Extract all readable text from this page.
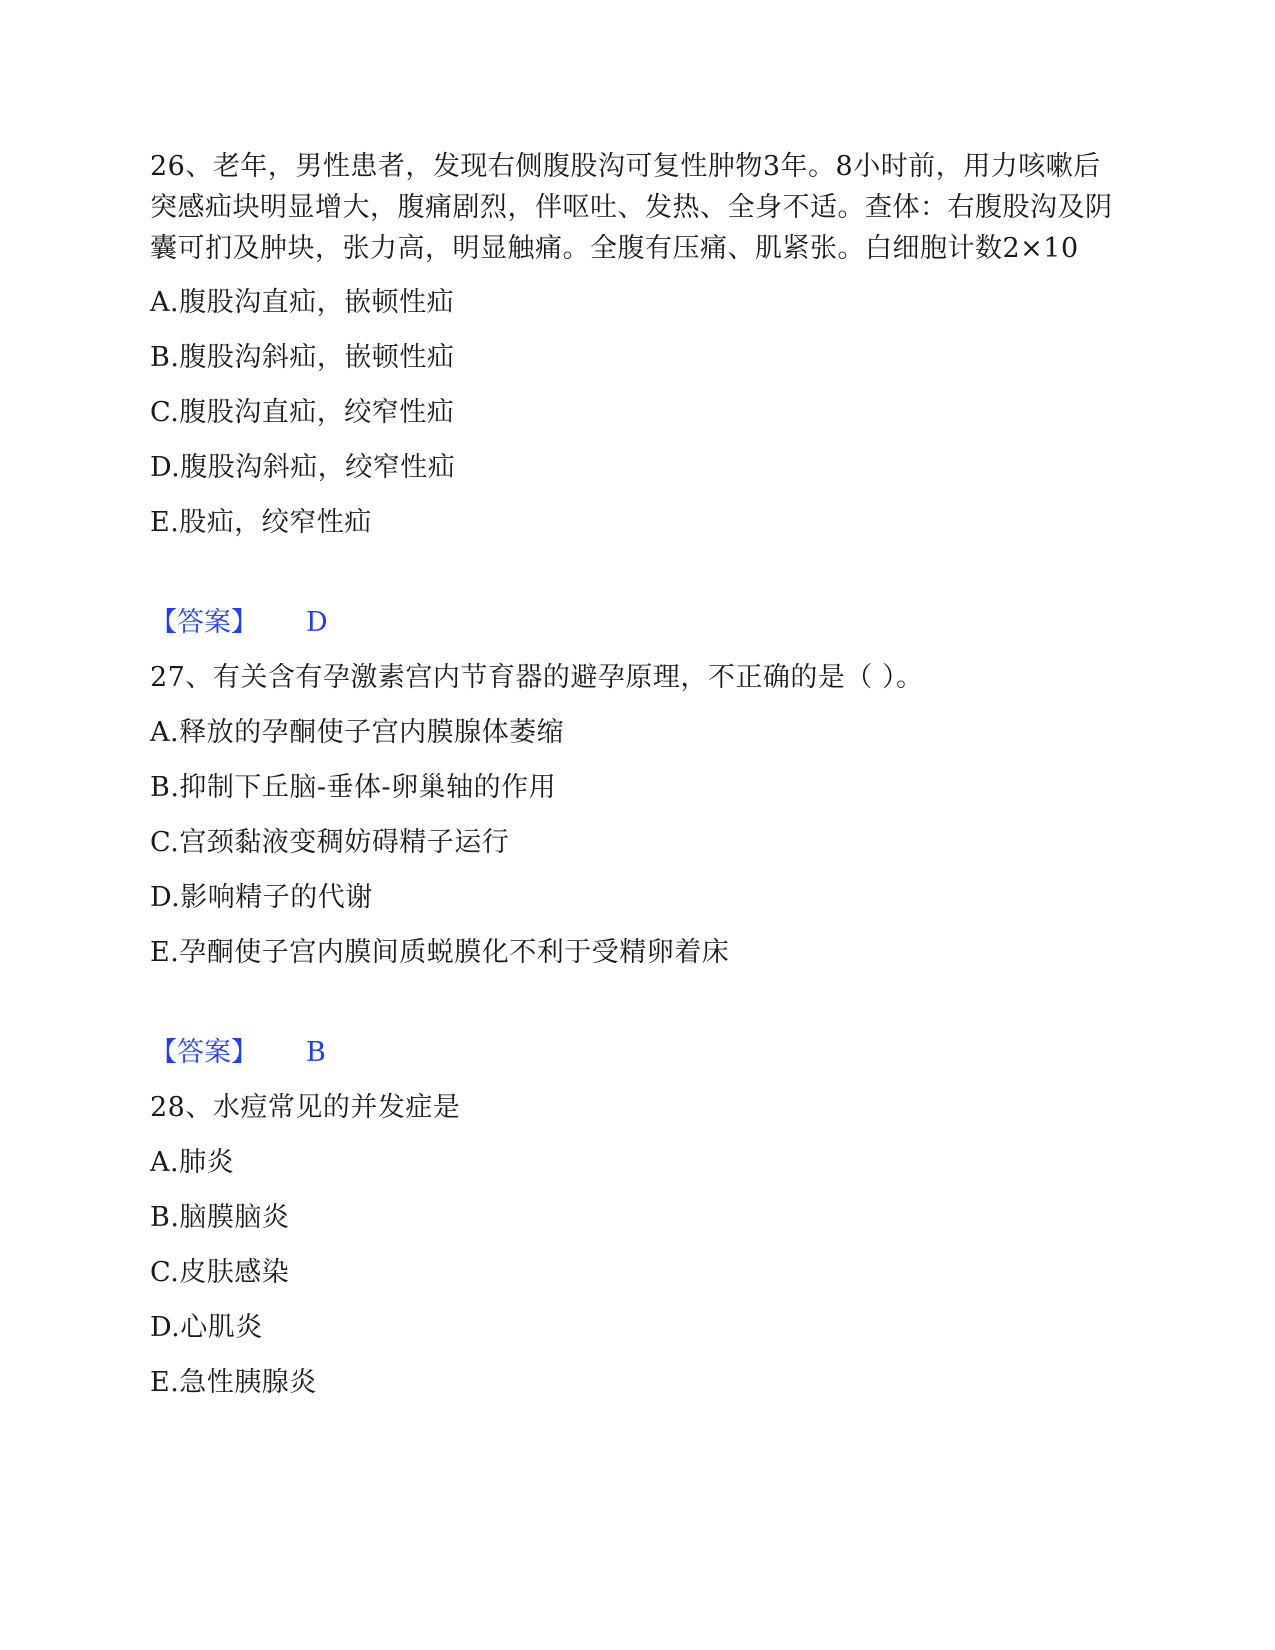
26、老年，男性患者，发现右侧腹股沟可复性肿物3年。8小时前，用力咳嗽后突感疝块明显增大，腹痛剧烈，伴呕吐、发热、全身不适。查体：右腹股沟及阴囊可扪及肿块，张力高，明显触痛。全腹有压痛、肌紧张。白细胞计数2×10

A.腹股沟直疝，嵌顿性疝

B.腹股沟斜疝，嵌顿性疝

C.腹股沟直疝，绞窄性疝

D.腹股沟斜疝，绞窄性疝

E.股疝，绞窄性疝

【答案】 D

27、有关含有孕激素宫内节育器的避孕原理，不正确的是（ ）。

A.释放的孕酮使子宫内膜腺体萎缩

B.抑制下丘脑-垂体-卵巢轴的作用

C.宫颈黏液变稠妨碍精子运行

D.影响精子的代谢

E.孕酮使子宫内膜间质蜕膜化不利于受精卵着床

【答案】 B

28、水痘常见的并发症是

A.肺炎

B.脑膜脑炎

C.皮肤感染

D.心肌炎

E.急性胰腺炎
